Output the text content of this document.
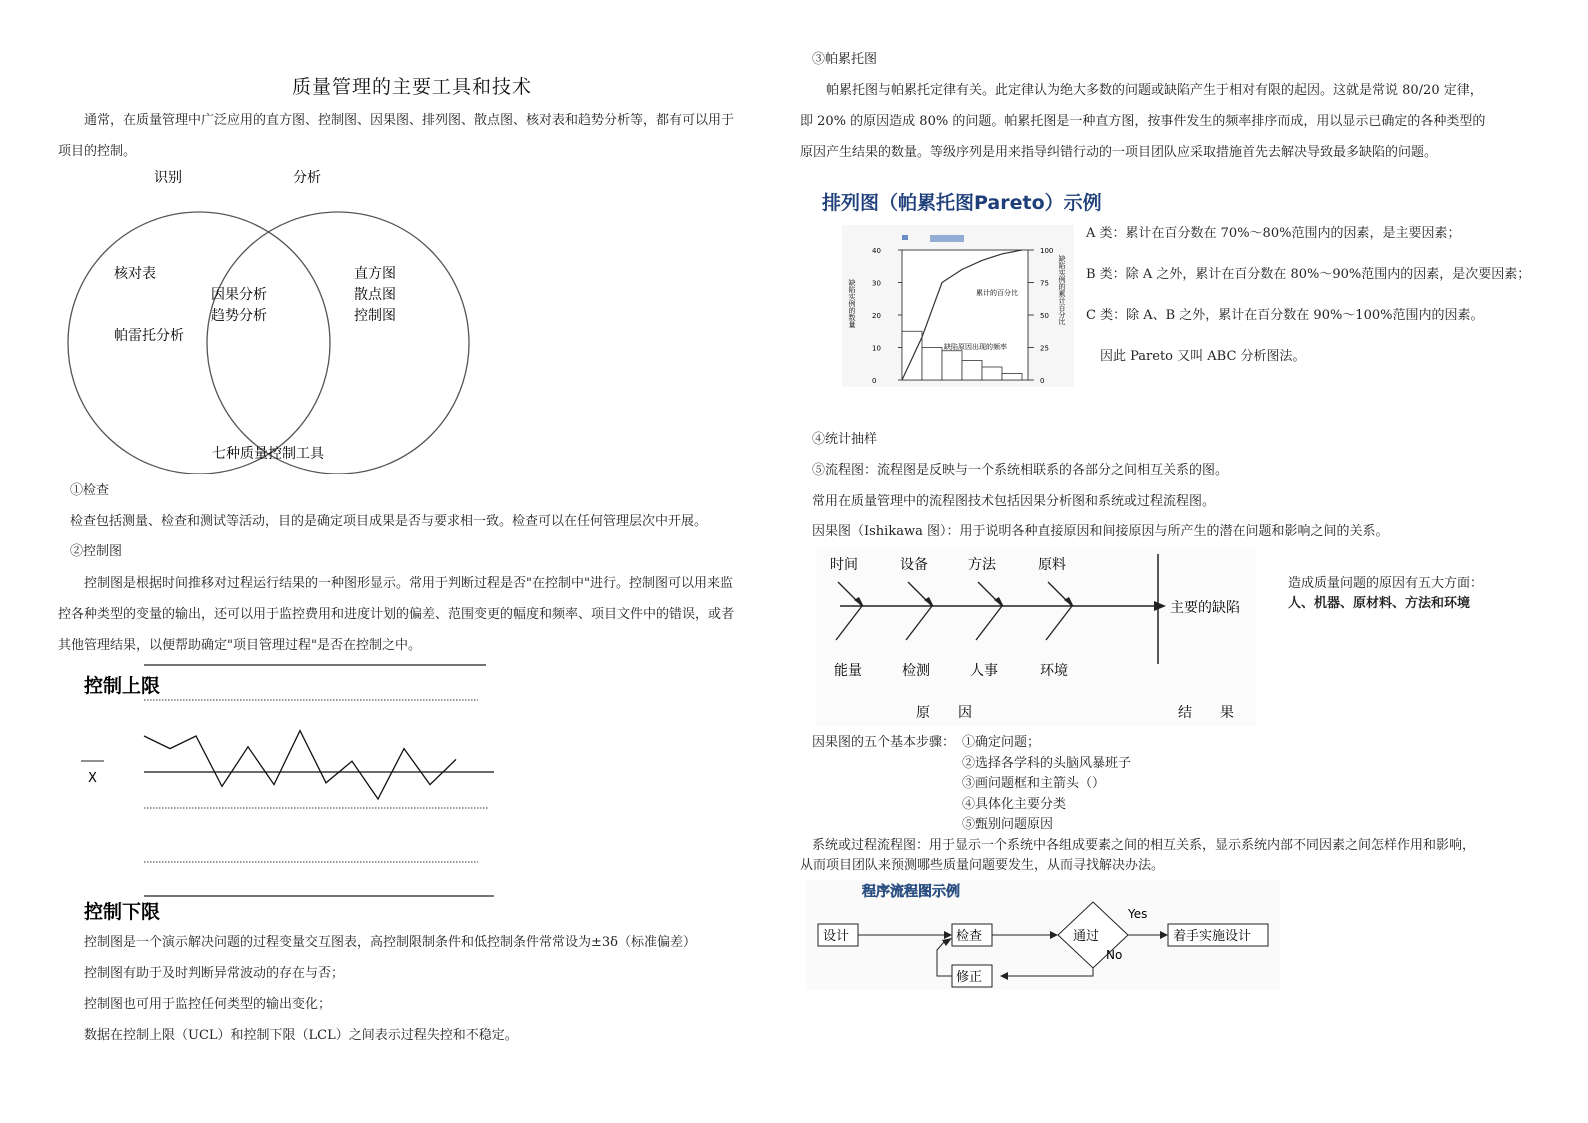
质量管理的主要工具和技术
通常，在质量管理中广泛应用的直方图、控制图、因果图、排列图、散点图、核对表和趋势分析等，都有可以用于
项目的控制。
识别	分析
核对表
帕雷托分析
因果分析
趋势分析
直方图
散点图
控制图
七种质量控制工具
①检查
检查包括测量、检查和测试等活动，目的是确定项目成果是否与要求相一致。检查可以在任何管理层次中开展。
②控制图
控制图是根据时间推移对过程运行结果的一种图形显示。常用于判断过程是否"在控制中"进行。控制图可以用来监
控各种类型的变量的输出，还可以用于监控费用和进度计划的偏差、范围变更的幅度和频率、项目文件中的错误，或者
其他管理结果，以便帮助确定"项目管理过程"是否在控制之中。
控制上限
X
控制下限
控制图是一个演示解决问题的过程变量交互图表，高控制限制条件和低控制条件常常设为±3δ（标准偏差）
控制图有助于及时判断异常波动的存在与否；
控制图也可用于监控任何类型的输出变化；
数据在控制上限（UCL）和控制下限（LCL）之间表示过程失控和不稳定。
③帕累托图
帕累托图与帕累托定律有关。此定律认为绝大多数的问题或缺陷产生于相对有限的起因。这就是常说 80/20 定律，
即 20% 的原因造成 80% 的问题。帕累托图是一种直方图，按事件发生的频率排序而成，用以显示已确定的各种类型的
原因产生结果的数量。等级序列是用来指导纠错行动的一项目团队应采取措施首先去解决导致最多缺陷的问题。
排列图（帕累托图Pareto）示例
40
30
20
10
0
100
75
50
25
0
累计的百分比
缺陷原因出现的频率
缺陷实例的数量	缺陷实例的累计百分比
A 类：累计在百分数在 70%～80%范围内的因素，是主要因素；
B 类：除 A 之外，累计在百分数在 80%～90%范围内的因素，是次要因素；
C 类：除 A、B 之外，累计在百分数在 90%～100%范围内的因素。
因此 Pareto 又叫 ABC 分析图法。
④统计抽样
⑤流程图：流程图是反映与一个系统相联系的各部分之间相互关系的图。
常用在质量管理中的流程图技术包括因果分析图和系统或过程流程图。
因果图（Ishikawa 图）：用于说明各种直接原因和间接原因与所产生的潜在问题和影响之间的关系。
时间	设备	方法	原料
能量	检测	人事	环境
主要的缺陷
原　　因	结　　果
造成质量问题的原因有五大方面：
人、机器、原材料、方法和环境
因果图的五个基本步骤： ①确定问题；
②选择各学科的头脑风暴班子
③画问题框和主箭头（）
④具体化主要分类
⑤甄别问题原因
系统或过程流程图：用于显示一个系统中各组成要素之间的相互关系，显示系统内部不同因素之间怎样作用和影响，
从而项目团队来预测哪些质量问题要发生，从而寻找解决办法。
程序流程图示例
设计	检查	通过
Yes
着手实施设计
No
修正
